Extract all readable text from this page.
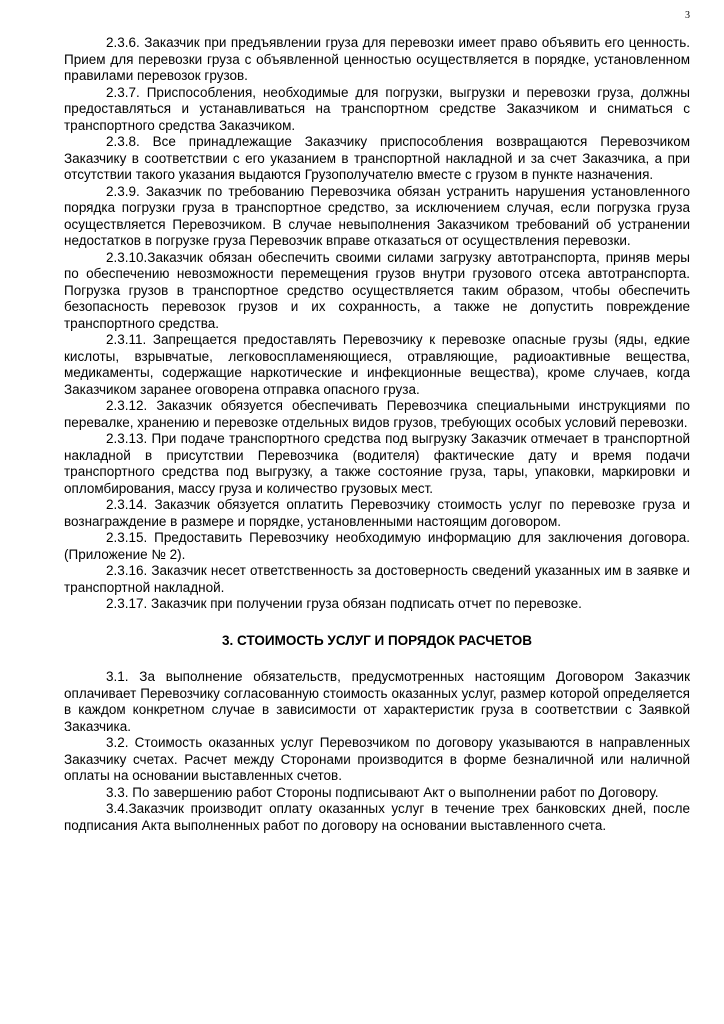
3

2.3.6. Заказчик при предъявлении груза для перевозки имеет право объявить его ценность. Прием для перевозки груза с объявленной ценностью осуществляется в порядке, установленном правилами перевозок грузов.

2.3.7. Приспособления, необходимые для погрузки, выгрузки и перевозки груза, должны предоставляться и устанавливаться на транспортном средстве Заказчиком и сниматься с транспортного средства Заказчиком.

2.3.8. Все принадлежащие Заказчику приспособления возвращаются Перевозчиком Заказчику в соответствии с его указанием в транспортной накладной и за счет Заказчика, а при отсутствии такого указания выдаются Грузополучателю вместе с грузом в пункте назначения.

2.3.9. Заказчик по требованию Перевозчика обязан устранить нарушения установленного порядка погрузки груза в транспортное средство, за исключением случая, если погрузка груза осуществляется Перевозчиком. В случае невыполнения Заказчиком требований об устранении недостатков в погрузке груза Перевозчик вправе отказаться от осуществления перевозки.

2.3.10.Заказчик обязан обеспечить своими силами загрузку автотранспорта, приняв меры по обеспечению невозможности перемещения грузов внутри грузового отсека автотранспорта. Погрузка грузов в транспортное средство осуществляется таким образом, чтобы обеспечить безопасность перевозок грузов и их сохранность, а также не допустить повреждение транспортного средства.

2.3.11. Запрещается предоставлять Перевозчику к перевозке опасные грузы (яды, едкие кислоты, взрывчатые, легковоспламеняющиеся, отравляющие, радиоактивные вещества, медикаменты, содержащие наркотические и инфекционные вещества), кроме случаев, когда Заказчиком заранее оговорена отправка опасного груза.

2.3.12. Заказчик обязуется обеспечивать Перевозчика специальными инструкциями по перевалке, хранению и перевозке отдельных видов грузов, требующих особых условий перевозки.

2.3.13. При подаче транспортного средства под выгрузку Заказчик отмечает в транспортной накладной в присутствии Перевозчика (водителя) фактические дату и время подачи транспортного средства под выгрузку, а также состояние груза, тары, упаковки, маркировки и опломбирования, массу груза и количество грузовых мест.

2.3.14. Заказчик обязуется оплатить Перевозчику стоимость услуг по перевозке груза и вознаграждение в размере и порядке, установленными настоящим договором.

2.3.15. Предоставить Перевозчику необходимую информацию для заключения договора. (Приложение № 2).

2.3.16. Заказчик несет ответственность за достоверность сведений указанных им в заявке и транспортной накладной.

2.3.17. Заказчик при получении груза обязан подписать отчет по перевозке.

3. СТОИМОСТЬ УСЛУГ И ПОРЯДОК РАСЧЕТОВ

3.1. За выполнение обязательств, предусмотренных настоящим Договором Заказчик оплачивает Перевозчику согласованную стоимость оказанных услуг, размер которой определяется в каждом конкретном случае в зависимости от характеристик груза в соответствии с Заявкой Заказчика.

3.2. Стоимость оказанных услуг Перевозчиком по договору указываются в направленных Заказчику счетах. Расчет между Сторонами производится в форме безналичной или наличной оплаты на основании выставленных счетов.

3.3. По завершению работ Стороны подписывают Акт о выполнении работ по Договору.

3.4.Заказчик производит оплату оказанных услуг в течение трех банковских дней, после подписания Акта выполненных работ по договору на основании выставленного счета.
